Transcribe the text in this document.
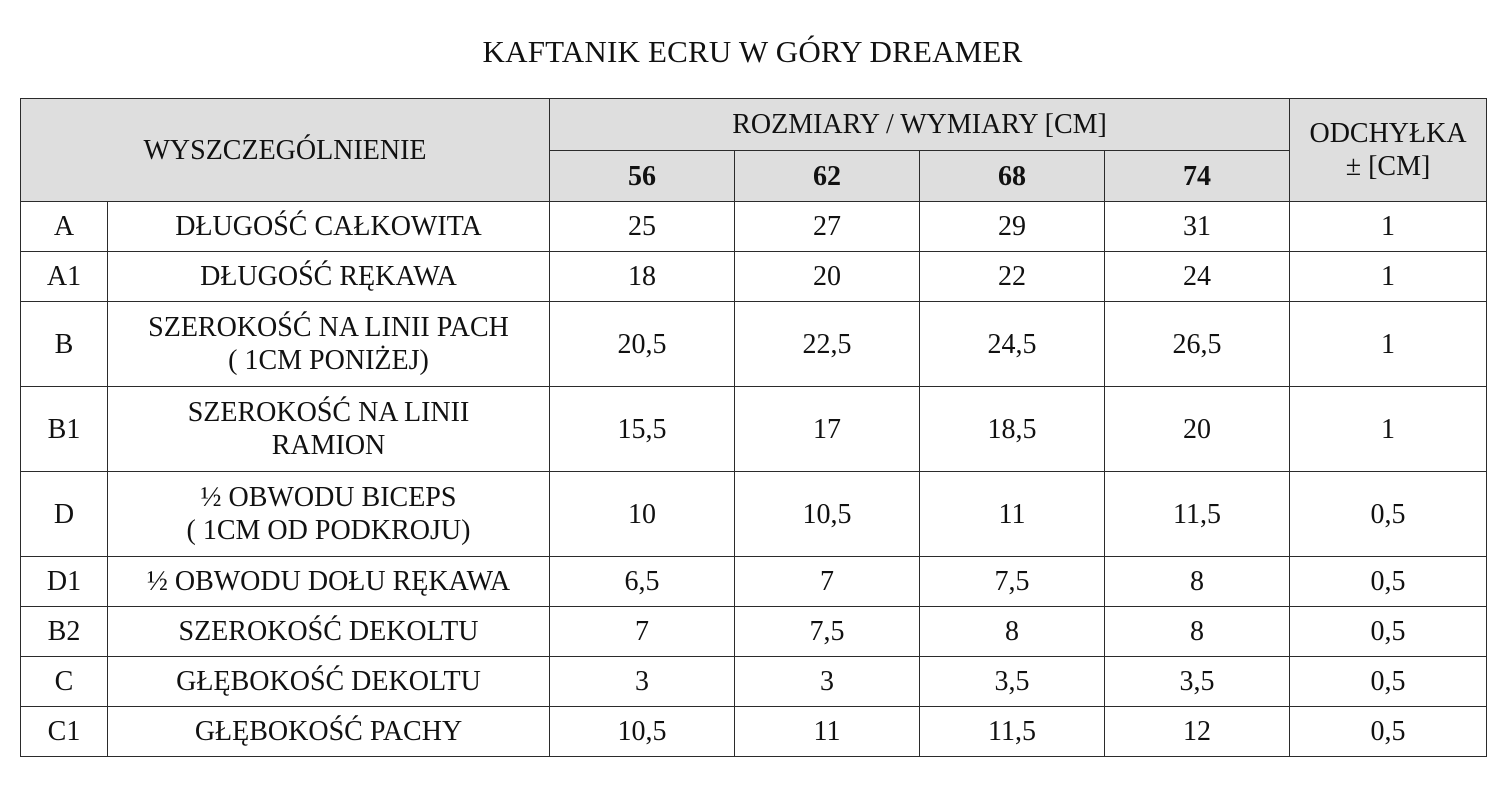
KAFTANIK ECRU W GÓRY DREAMER
WYSZCZEGÓLNIENIE		ROZMIARY / WYMIARY [CM]				ODCHYŁKA
± [CM]

		56	62	68	74	
A	DŁUGOŚĆ CAŁKOWITA	25	27	29	31	1
A1	DŁUGOŚĆ RĘKAWA	18	20	22	24	1
B	SZEROKOŚĆ NA LINII PACH
( 1CM PONIŻEJ)	20,5	22,5	24,5	26,5	1
B1	SZEROKOŚĆ NA LINII
RAMION	15,5	17	18,5	20	1
D	½ OBWODU BICEPS
( 1CM OD PODKROJU)	10	10,5	11	11,5	0,5
D1	½ OBWODU DOŁU RĘKAWA	6,5	7	7,5	8	0,5
B2	SZEROKOŚĆ DEKOLTU	7	7,5	8	8	0,5
C	GŁĘBOKOŚĆ DEKOLTU	3	3	3,5	3,5	0,5
C1	GŁĘBOKOŚĆ PACHY	10,5	11	11,5	12	0,5
